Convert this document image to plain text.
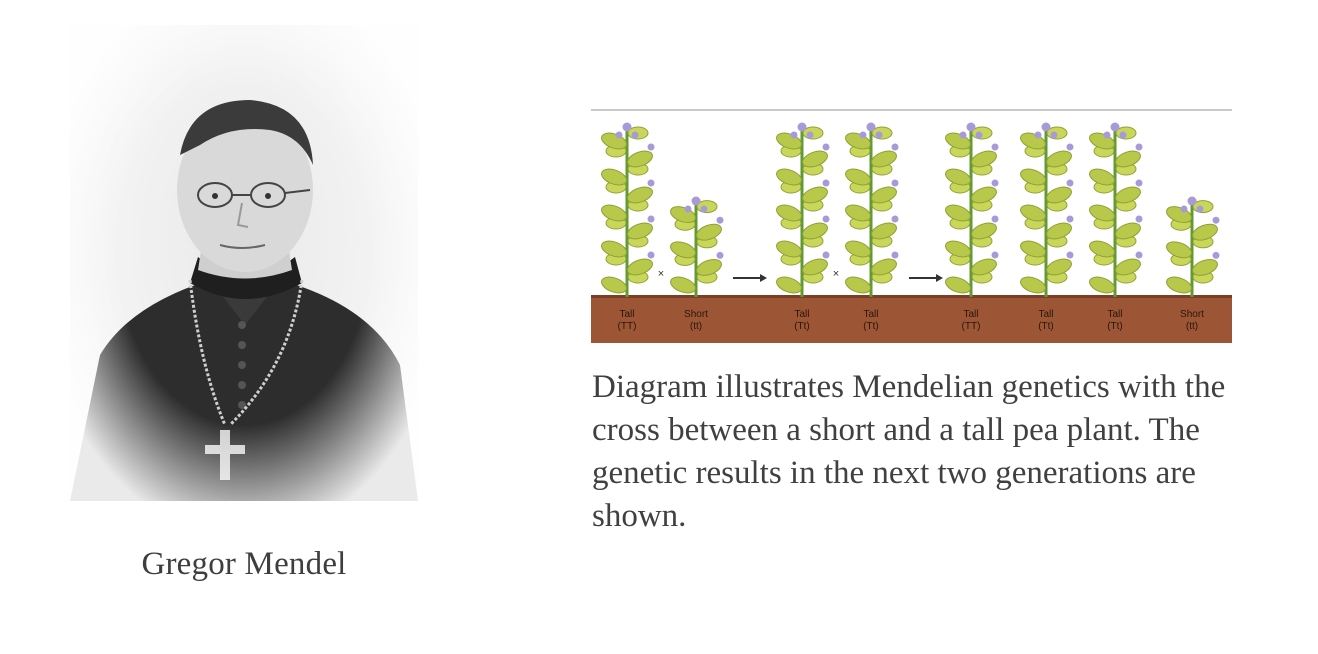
Gregor Mendel
Tall
(TT)
Short
(tt)
Tall
(Tt)
Tall
(Tt)
Tall
(TT)
Tall
(Tt)
Tall
(Tt)
Short
(tt)
×	×
Diagram illustrates Mendelian genetics with the cross between a short and a tall pea plant. The genetic results in the next two generations are shown.
